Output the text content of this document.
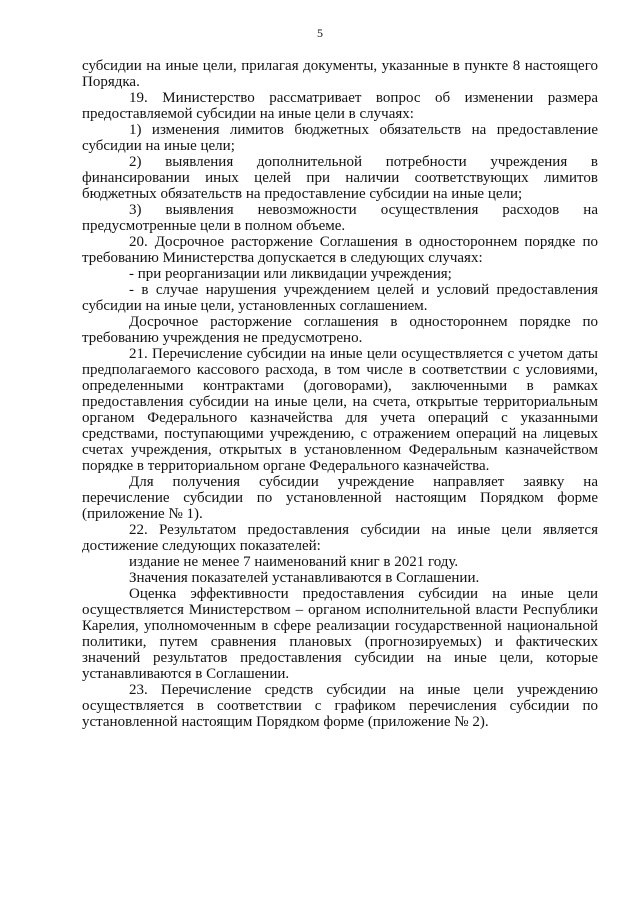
5

субсидии на иные цели, прилагая документы, указанные в пункте 8 настоящего Порядка.

19. Министерство рассматривает вопрос об изменении размера предоставляемой субсидии на иные цели в случаях:

1) изменения лимитов бюджетных обязательств на предоставление субсидии на иные цели;

2) выявления дополнительной потребности учреждения в финансировании иных целей при наличии соответствующих лимитов бюджетных обязательств на предоставление субсидии на иные цели;

3) выявления невозможности осуществления расходов на предусмотренные цели в полном объеме.

20. Досрочное расторжение Соглашения в одностороннем порядке по требованию Министерства допускается в следующих случаях:

- при реорганизации или ликвидации учреждения;

- в случае нарушения учреждением целей и условий предоставления субсидии на иные цели, установленных соглашением.

Досрочное расторжение соглашения в одностороннем порядке по требованию учреждения не предусмотрено.

21. Перечисление субсидии на иные цели осуществляется с учетом даты предполагаемого кассового расхода, в том числе в соответствии с условиями, определенными контрактами (договорами), заключенными в рамках предоставления субсидии на иные цели, на счета, открытые территориальным органом Федерального казначейства для учета операций с указанными средствами, поступающими учреждению, с отражением операций на лицевых счетах учреждения, открытых в установленном Федеральным казначейством порядке в территориальном органе Федерального казначейства.

Для получения субсидии учреждение направляет заявку на перечисление субсидии по установленной настоящим Порядком форме (приложение № 1).

22. Результатом предоставления субсидии на иные цели является достижение следующих показателей:

издание не менее 7 наименований книг в 2021 году.

Значения показателей устанавливаются в Соглашении.

Оценка эффективности предоставления субсидии на иные цели осуществляется Министерством – органом исполнительной власти Республики Карелия, уполномоченным в сфере реализации государственной национальной политики, путем сравнения плановых (прогнозируемых) и фактических значений результатов предоставления субсидии на иные цели, которые устанавливаются в Соглашении.

23. Перечисление средств субсидии на иные цели учреждению осуществляется в соответствии с графиком перечисления субсидии по установленной настоящим Порядком форме (приложение № 2).
